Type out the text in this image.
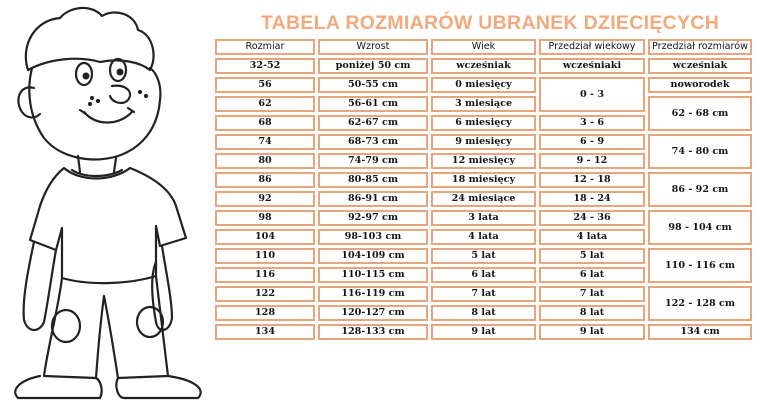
TABELA ROZMIARÓW UBRANEK DZIECIĘCYCH
Rozmiar	Wzrost	Wiek	Przedział wiekowy	Przedział rozmiarów
32-52	poniżej 50 cm	wcześniak	wcześniaki	wcześniak
56	50-55 cm	0 miesięcy	0 - 3	noworodek
62	56-61 cm	3 miesiące		62 - 68 cm
68	62-67 cm	6 miesięcy	3 - 6	
74	68-73 cm	9 miesięcy	6 - 9	74 - 80 cm
80	74-79 cm	12 miesięcy	9 - 12	
86	80-85 cm	18 miesięcy	12 - 18	86 - 92 cm
92	86-91 cm	24 miesiące	18 - 24	
98	92-97 cm	3 lata	24 - 36	98 - 104 cm
104	98-103 cm	4 lata	4 lata	
110	104-109 cm	5 lat	5 lat	110 - 116 cm
116	110-115 cm	6 lat	6 lat	
122	116-119 cm	7 lat	7 lat	122 - 128 cm
128	120-127 cm	8 lat	8 lat	
134	128-133 cm	9 lat	9 lat	134 cm
